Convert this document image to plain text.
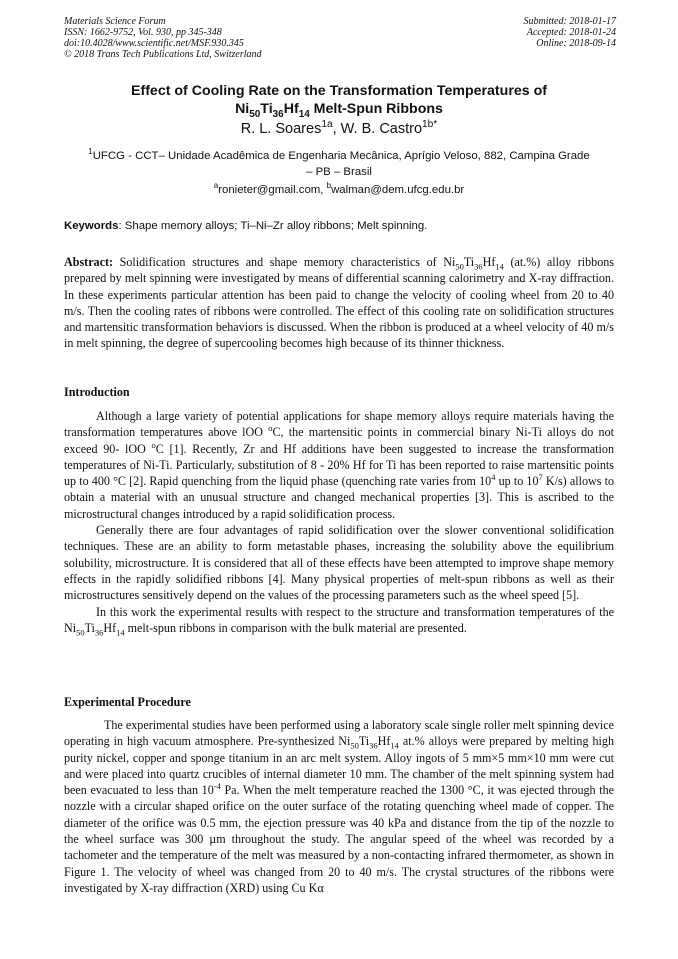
Materials Science Forum
ISSN: 1662-9752, Vol. 930, pp 345-348
doi:10.4028/www.scientific.net/MSF.930.345
© 2018 Trans Tech Publications Ltd, Switzerland
Submitted: 2018-01-17
Accepted: 2018-01-24
Online: 2018-09-14
Effect of Cooling Rate on the Transformation Temperatures of
$Ni_{50}Ti_{36}Hf_{14}$ Melt-Spun Ribbons
R. L. Soares$^{1a}$, W. B. Castro$^{1b*}$
$^1$UFCG - CCT– Unidade Acadêmica de Engenharia Mecânica, Aprígio Veloso, 882, Campina Grade – PB – Brasil
$^a$ronieter@gmail.com, $^b$walman@dem.ufcg.edu.br
Keywords: Shape memory alloys; Ti–Ni–Zr alloy ribbons; Melt spinning.

Abstract: Solidification structures and shape memory characteristics of $Ni_{50}Ti_{36}Hf_{14}$ (at.%) alloy ribbons prepared by melt spinning were investigated by means of differential scanning calorimetry and X-ray diffraction. In these experiments particular attention has been paid to change the velocity of cooling wheel from 20 to 40 m/s. Then the cooling rates of ribbons were controlled. The effect of this cooling rate on solidification structures and martensitic transformation behaviors is discussed. When the ribbon is produced at a wheel velocity of 40 m/s in melt spinning, the degree of supercooling becomes high because of its thinner thickness.

Introduction

Although a large variety of potential applications for shape memory alloys require materials having the transformation temperatures above lOO $^o$C, the martensitic points in commercial binary Ni-Ti alloys do not exceed 90- lOO $^o$C [1]. Recently, Zr and Hf additions have been suggested to increase the transformation temperatures of Ni-Ti. Particularly, substitution of 8 - 20% Hf for Ti has been reported to raise martensitic points up to 400 °C [2]. Rapid quenching from the liquid phase (quenching rate varies from $10^4$ up to $10^7$ K/s) allows to obtain a material with an unusual structure and changed mechanical properties [3]. This is ascribed to the microstructural changes introduced by a rapid solidification process.

Generally there are four advantages of rapid solidification over the slower conventional solidification techniques. These are an ability to form metastable phases, increasing the solubility above the equilibrium solubility, microstructure. It is considered that all of these effects have been attempted to improve shape memory effects in the rapidly solidified ribbons [4]. Many physical properties of melt-spun ribbons as well as their microstructures sensitively depend on the values of the processing parameters such as the wheel speed [5].

In this work the experimental results with respect to the structure and transformation temperatures of the $Ni_{50}Ti_{36}Hf_{14}$ melt-spun ribbons in comparison with the bulk material are presented.

Experimental Procedure

The experimental studies have been performed using a laboratory scale single roller melt spinning device operating in high vacuum atmosphere. Pre-synthesized $Ni_{50}Ti_{36}Hf_{14}$ at.% alloys were prepared by melting high purity nickel, copper and sponge titanium in an arc melt system. Alloy ingots of 5 mm×5 mm×10 mm were cut and were placed into quartz crucibles of internal diameter 10 mm. The chamber of the melt spinning system had been evacuated to less than $10^{-4}$ Pa. When the melt temperature reached the 1300 °C, it was ejected through the nozzle with a circular shaped orifice on the outer surface of the rotating quenching wheel made of copper. The diameter of the orifice was 0.5 mm, the ejection pressure was 40 kPa and distance from the tip of the nozzle to the wheel surface was 300 µm throughout the study. The angular speed of the wheel was recorded by a tachometer and the temperature of the melt was measured by a non-contacting infrared thermometer, as shown in Figure 1. The velocity of wheel was changed from 20 to 40 m/s. The crystal structures of the ribbons were investigated by X-ray diffraction (XRD) using Cu Kα
